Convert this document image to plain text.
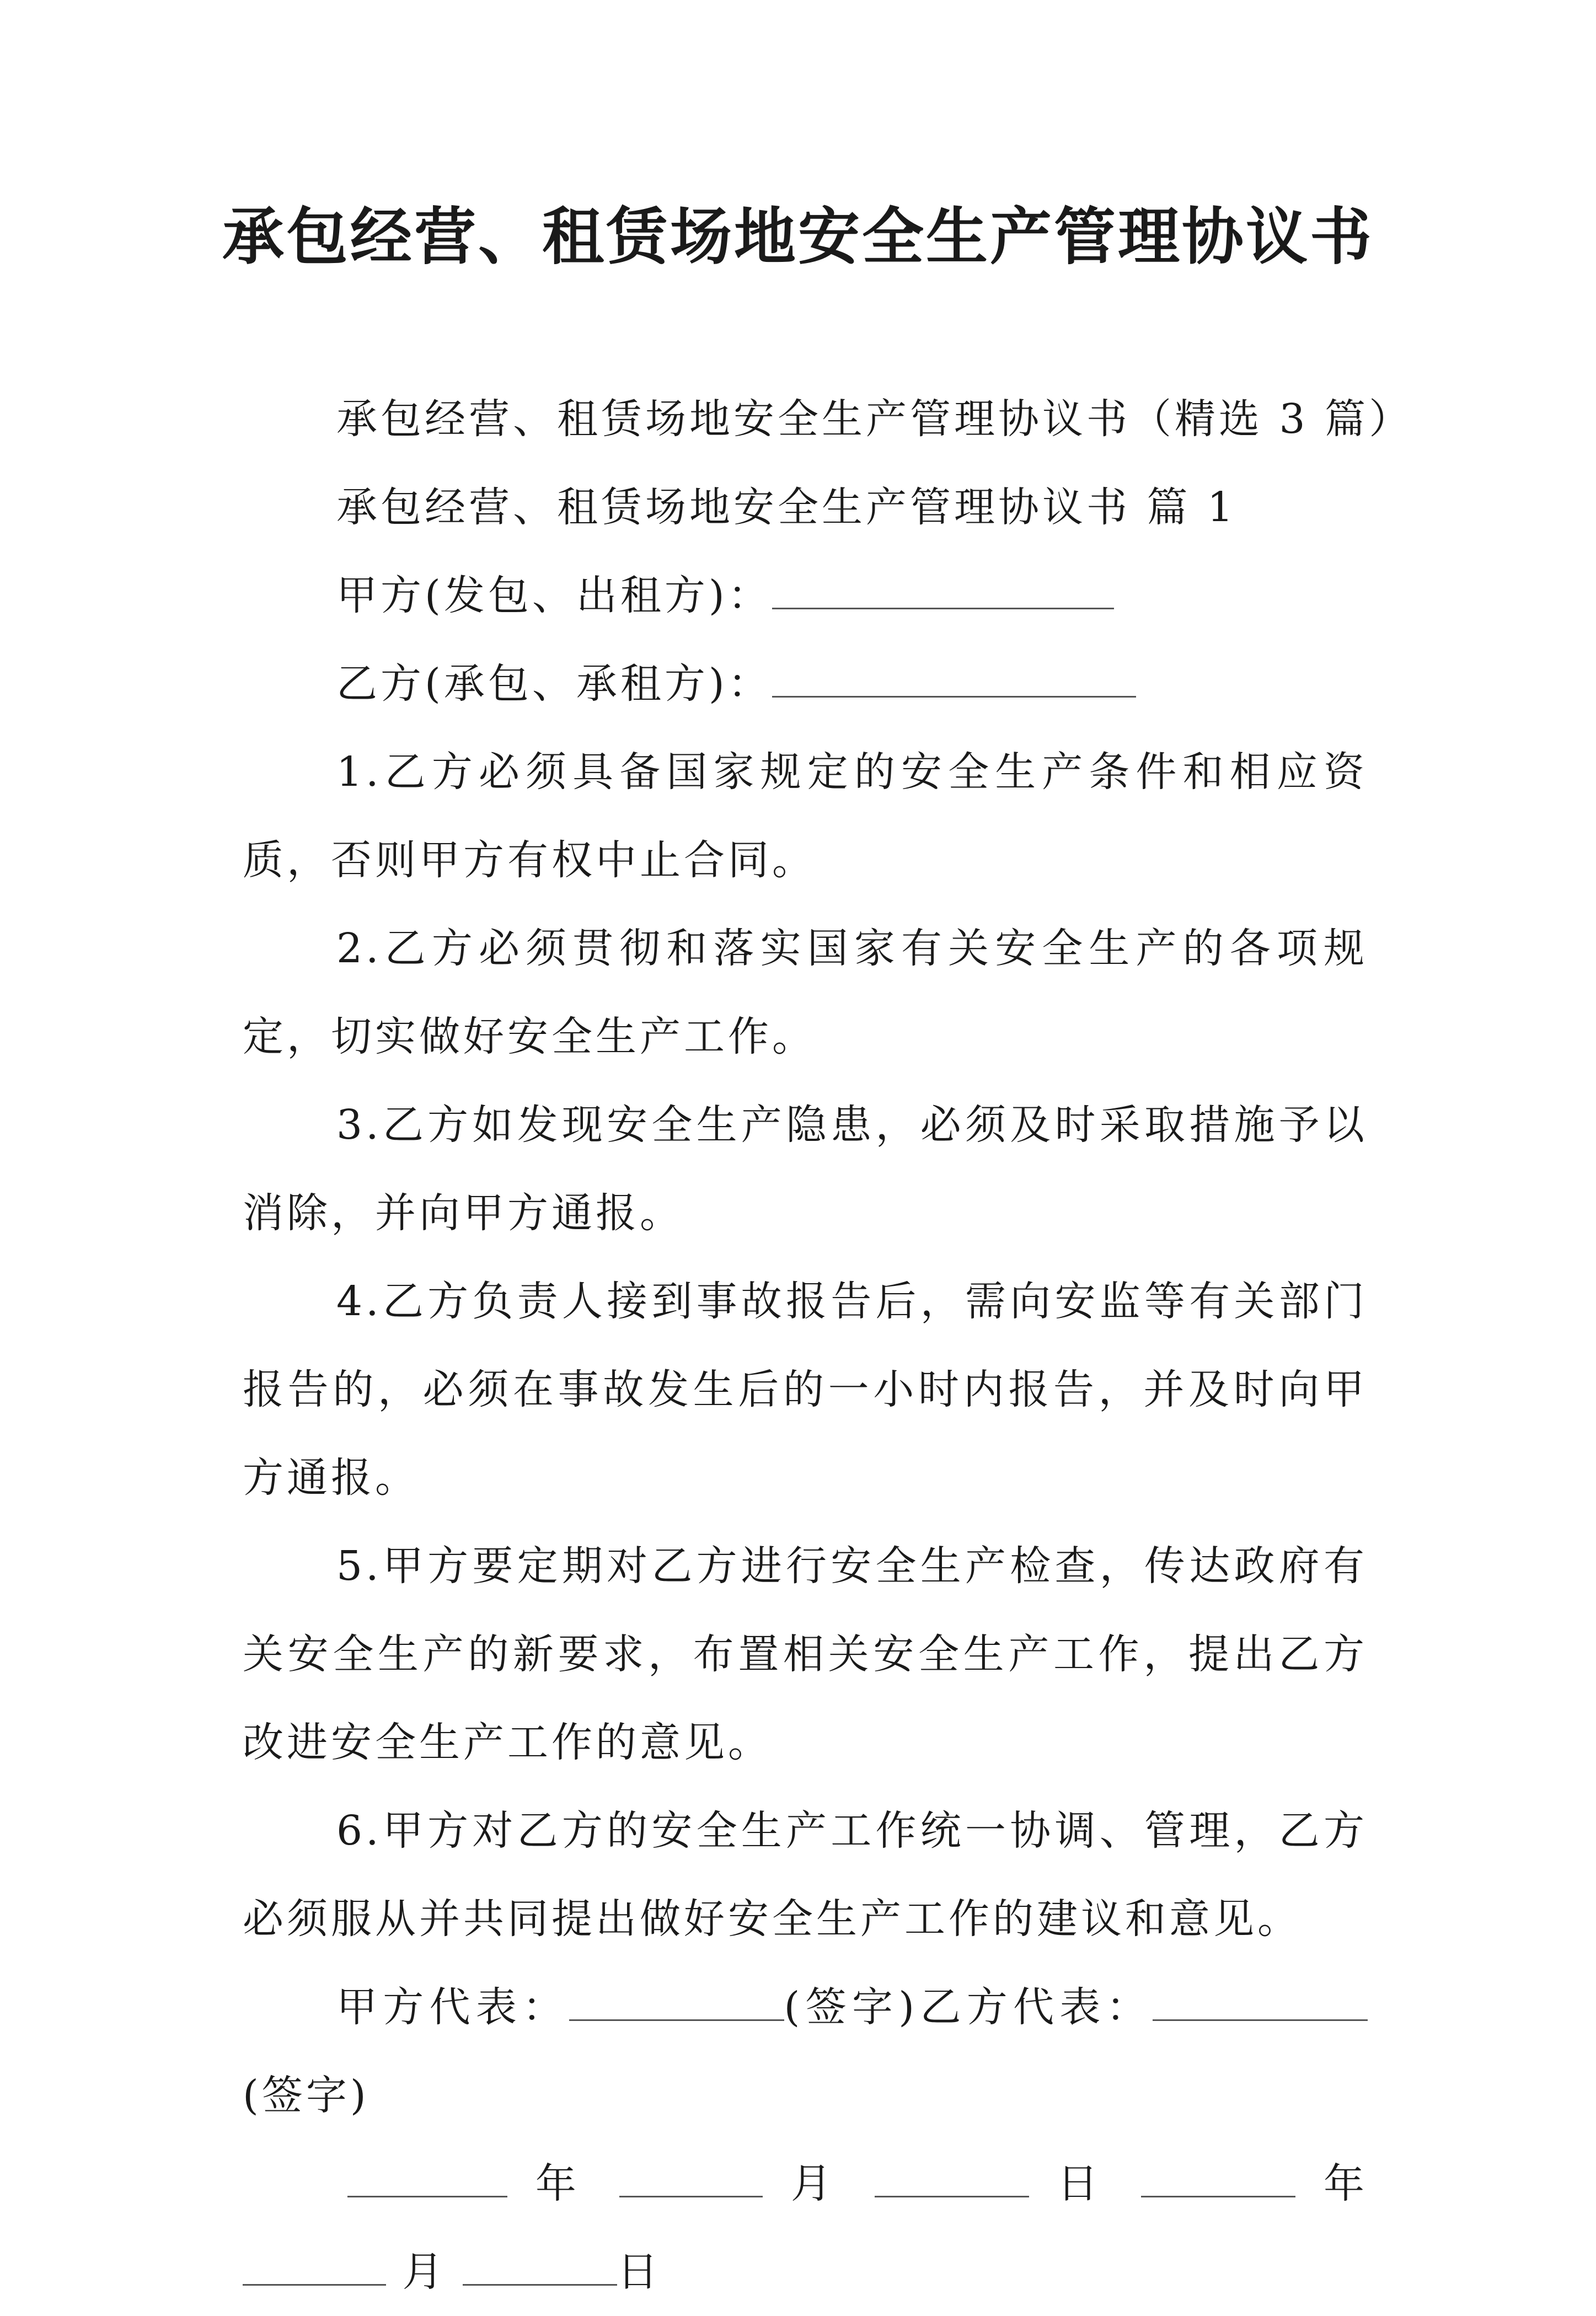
承包经营、租赁场地安全生产管理协议书

承包经营、租赁场地安全生产管理协议书（精选 3 篇）

承包经营、租赁场地安全生产管理协议书 篇 1

甲方(发包、出租方)：

乙方(承包、承租方)：

1.乙方必须具备国家规定的安全生产条件和相应资质，否则甲方有权中止合同。

2.乙方必须贯彻和落实国家有关安全生产的各项规定，切实做好安全生产工作。

3.乙方如发现安全生产隐患，必须及时采取措施予以消除，并向甲方通报。

4.乙方负责人接到事故报告后，需向安监等有关部门报告的，必须在事故发生后的一小时内报告，并及时向甲方通报。

5.甲方要定期对乙方进行安全生产检查，传达政府有关安全生产的新要求，布置相关安全生产工作，提出乙方改进安全生产工作的意见。

6.甲方对乙方的安全生产工作统一协调、管理，乙方必须服从并共同提出做好安全生产工作的建议和意见。

甲方代表：	(签字)乙方代表：(签字)

年	月	日	年  月	日
